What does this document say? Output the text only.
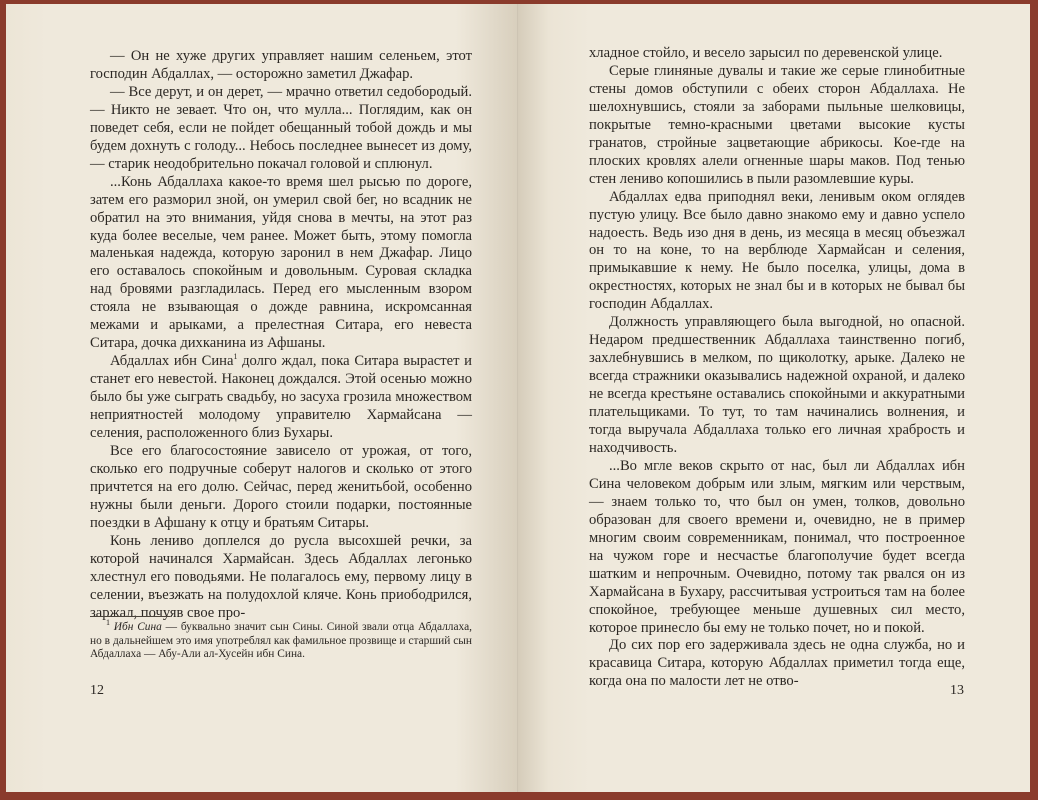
— Он не хуже других управляет нашим селеньем, этот господин Абдаллах, — осторожно заметил Джафар.

— Все дерут, и он дерет, — мрачно ответил седобородый. — Никто не зевает. Что он, что мулла... Поглядим, как он поведет себя, если не пойдет обещанный тобой дождь и мы будем дохнуть с голоду... Небось последнее вынесет из дому, — старик неодобрительно покачал головой и сплюнул.

...Конь Абдаллаха какое-то время шел рысью по дороге, затем его разморил зной, он умерил свой бег, но всадник не обратил на это внимания, уйдя снова в мечты, на этот раз куда более веселые, чем ранее. Может быть, этому помогла маленькая надежда, которую заронил в нем Джафар. Лицо его оставалось спокойным и довольным. Суровая складка над бровями разгладилась. Перед его мысленным взором стояла не взывающая о дожде равнина, искромсанная межами и арыками, а прелестная Ситара, его невеста Ситара, дочка дихканина из Афшаны.

Абдаллах ибн Сина$^1$ долго ждал, пока Ситара вырастет и станет его невестой. Наконец дождался. Этой осенью можно было бы уже сыграть свадьбу, но засуха грозила множеством неприятностей молодому управителю Хармайсана — селения, расположенного близ Бухары.

Все его благосостояние зависело от урожая, от того, сколько его подручные соберут налогов и сколько от этого причтется на его долю. Сейчас, перед женитьбой, особенно нужны были деньги. Дорого стоили подарки, постоянные поездки в Афшану к отцу и братьям Ситары.

Конь лениво доплелся до русла высохшей речки, за которой начинался Хармайсан. Здесь Абдаллах легонько хлестнул его поводьями. Не полагалось ему, первому лицу в селении, въезжать на полудохлой кляче. Конь приободрился, заржал, почуяв свое про-

$^1$ Ибн Сина — буквально значит сын Сины. Синой звали отца Абдаллаха, но в дальнейшем это имя употреблял как фамильное прозвище и старший сын Абдаллаха — Абу-Али ал-Хусейн ибн Сина.

12

хладное стойло, и весело зарысил по деревенской улице.

Серые глиняные дувалы и такие же серые глинобитные стены домов обступили с обеих сторон Абдаллаха. Не шелохнувшись, стояли за заборами пыльные шелковицы, покрытые темно-красными цветами высокие кусты гранатов, стройные зацветающие абрикосы. Кое-где на плоских кровлях алели огненные шары маков. Под тенью стен лениво копошились в пыли разомлевшие куры.

Абдаллах едва приподнял веки, ленивым оком оглядев пустую улицу. Все было давно знакомо ему и давно успело надоесть. Ведь изо дня в день, из месяца в месяц объезжал он то на коне, то на верблюде Хармайсан и селения, примыкавшие к нему. Не было поселка, улицы, дома в окрестностях, которых не знал бы и в которых не бывал бы господин Абдаллах.

Должность управляющего была выгодной, но опасной. Недаром предшественник Абдаллаха таинственно погиб, захлебнувшись в мелком, по щиколотку, арыке. Далеко не всегда стражники оказывались надежной охраной, и далеко не всегда крестьяне оставались спокойными и аккуратными плательщиками. То тут, то там начинались волнения, и тогда выручала Абдаллаха только его личная храбрость и находчивость.

...Во мгле веков скрыто от нас, был ли Абдаллах ибн Сина человеком добрым или злым, мягким или черствым, — знаем только то, что был он умен, толков, довольно образован для своего времени и, очевидно, не в пример многим своим современникам, понимал, что построенное на чужом горе и несчастье благополучие будет всегда шатким и непрочным. Очевидно, потому так рвался он из Хармайсана в Бухару, рассчитывая устроиться там на более спокойное, требующее меньше душевных сил место, которое принесло бы ему не только почет, но и покой.

До сих пор его задерживала здесь не одна служба, но и красавица Ситара, которую Абдаллах приметил тогда еще, когда она по малости лет не отво-

13
